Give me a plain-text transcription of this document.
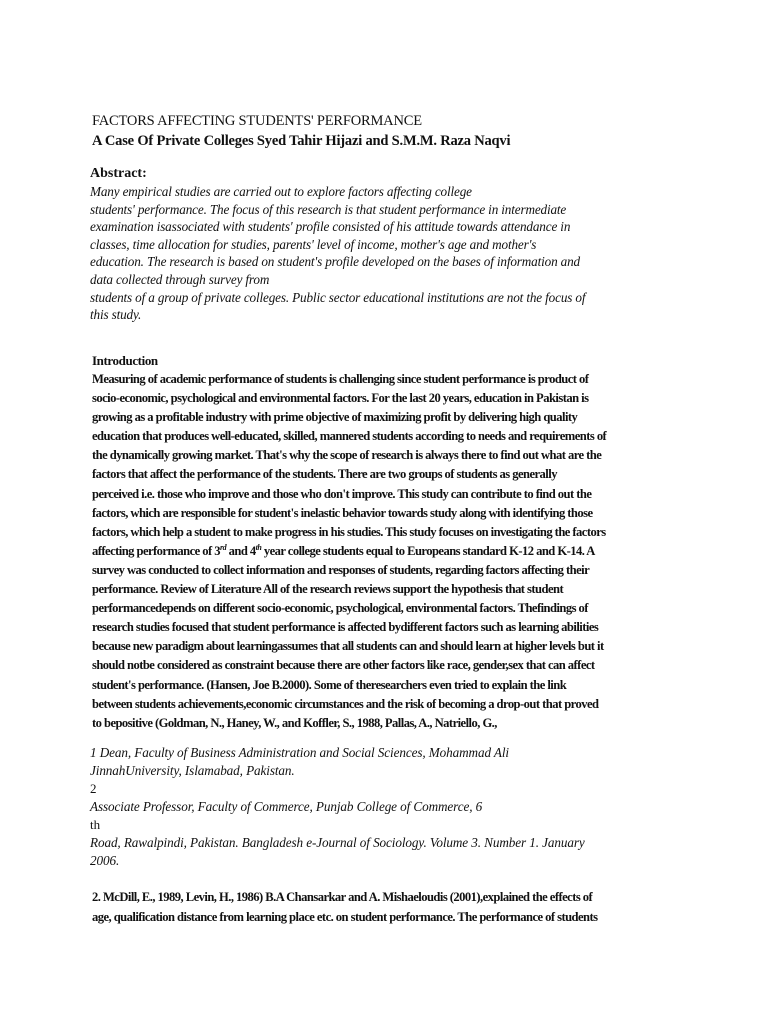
FACTORS AFFECTING STUDENTS' PERFORMANCE
A Case Of Private Colleges Syed Tahir Hijazi and S.M.M. Raza Naqvi
Abstract:
Many empirical studies are carried out to explore factors affecting college
students' performance. The focus of this research is that student performance in intermediate
examination isassociated with students' profile consisted of his attitude towards attendance in
classes, time allocation for studies, parents' level of income, mother's age and mother's
education. The research is based on student's profile developed on the bases of information and
data collected through survey from
students of a group of private colleges. Public sector educational institutions are not the focus of
this study.
Introduction
Measuring of academic performance of students is challenging since student performance is product of
socio-economic, psychological and environmental factors. For the last 20 years, education in Pakistan is
growing as a profitable industry with prime objective of maximizing profit by delivering high quality
education that produces well-educated, skilled, mannered students according to needs and requirements of
the dynamically growing market. That's why the scope of research is always there to find out what are the
factors that affect the performance of the students. There are two groups of students as generally
perceived i.e. those who improve and those who don't improve. This study can contribute to find out the
factors, which are responsible for student's inelastic behavior towards study along with identifying those
factors, which help a student to make progress in his studies. This study focuses on investigating the factors
affecting performance of 3rd and 4th year college students equal to Europeans standard K-12 and K-14. A
survey was conducted to collect information and responses of students, regarding factors affecting their
performance. Review of Literature All of the research reviews support the hypothesis that student
performancedepends on different socio-economic, psychological, environmental factors. Thefindings of
research studies focused that student performance is affected bydifferent factors such as learning abilities
because new paradigm about learningassumes that all students can and should learn at higher levels but it
should notbe considered as constraint because there are other factors like race, gender,sex that can affect
student's performance. (Hansen, Joe B.2000). Some of theresearchers even tried to explain the link
between students achievements,economic circumstances and the risk of becoming a drop-out that proved
to bepositive (Goldman, N., Haney, W., and Koffler, S., 1988, Pallas, A., Natriello, G.,
1 Dean, Faculty of Business Administration and Social Sciences, Mohammad Ali
JinnahUniversity, Islamabad, Pakistan.
2
Associate Professor, Faculty of Commerce, Punjab College of Commerce, 6
th
Road, Rawalpindi, Pakistan. Bangladesh e-Journal of Sociology. Volume 3. Number 1. January
2006.
2. McDill, E., 1989, Levin, H., 1986) B.A Chansarkar and A. Mishaeloudis (2001),explained the effects of
age, qualification distance from learning place etc. on student performance. The performance of students
